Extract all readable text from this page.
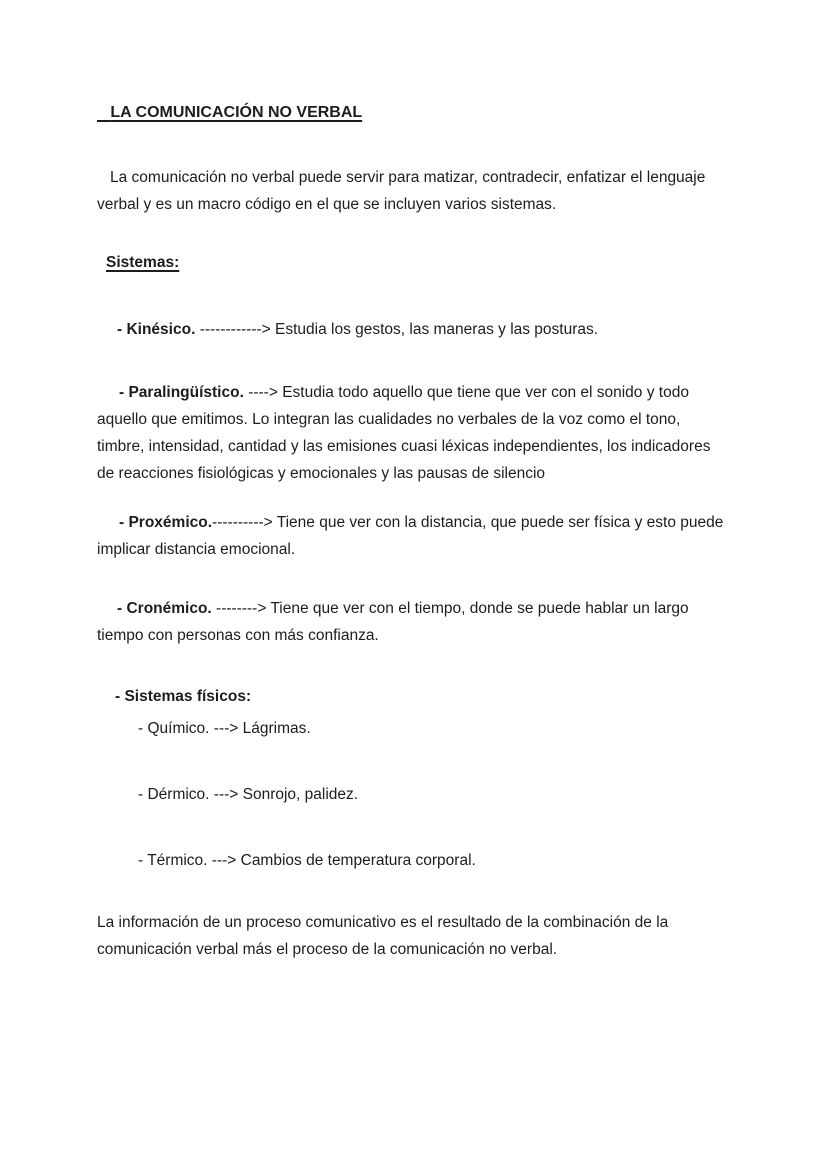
LA COMUNICACIÓN NO VERBAL

La comunicación no verbal puede servir para matizar, contradecir, enfatizar el lenguaje verbal y es un macro código en el que se incluyen varios sistemas.

Sistemas:

- Kinésico. ------------> Estudia los gestos, las maneras y las posturas.

- Paralingüístico. ----> Estudia todo aquello que tiene que ver con el sonido y todo aquello que emitimos. Lo integran las cualidades no verbales de la voz como el tono, timbre, intensidad, cantidad y las emisiones cuasi léxicas independientes, los indicadores de reacciones fisiológicas y emocionales y las pausas de silencio

- Proxémico.----------> Tiene que ver con la distancia, que puede ser física y esto puede implicar distancia emocional.

- Cronémico. --------> Tiene que ver con el tiempo, donde se puede hablar un largo tiempo con personas con más confianza.

- Sistemas físicos:

- Químico. ---> Lágrimas.

- Dérmico. ---> Sonrojo, palidez.

- Térmico. ---> Cambios de temperatura corporal.

La información de un proceso comunicativo es el resultado de la combinación de la comunicación verbal más el proceso de la comunicación no verbal.
